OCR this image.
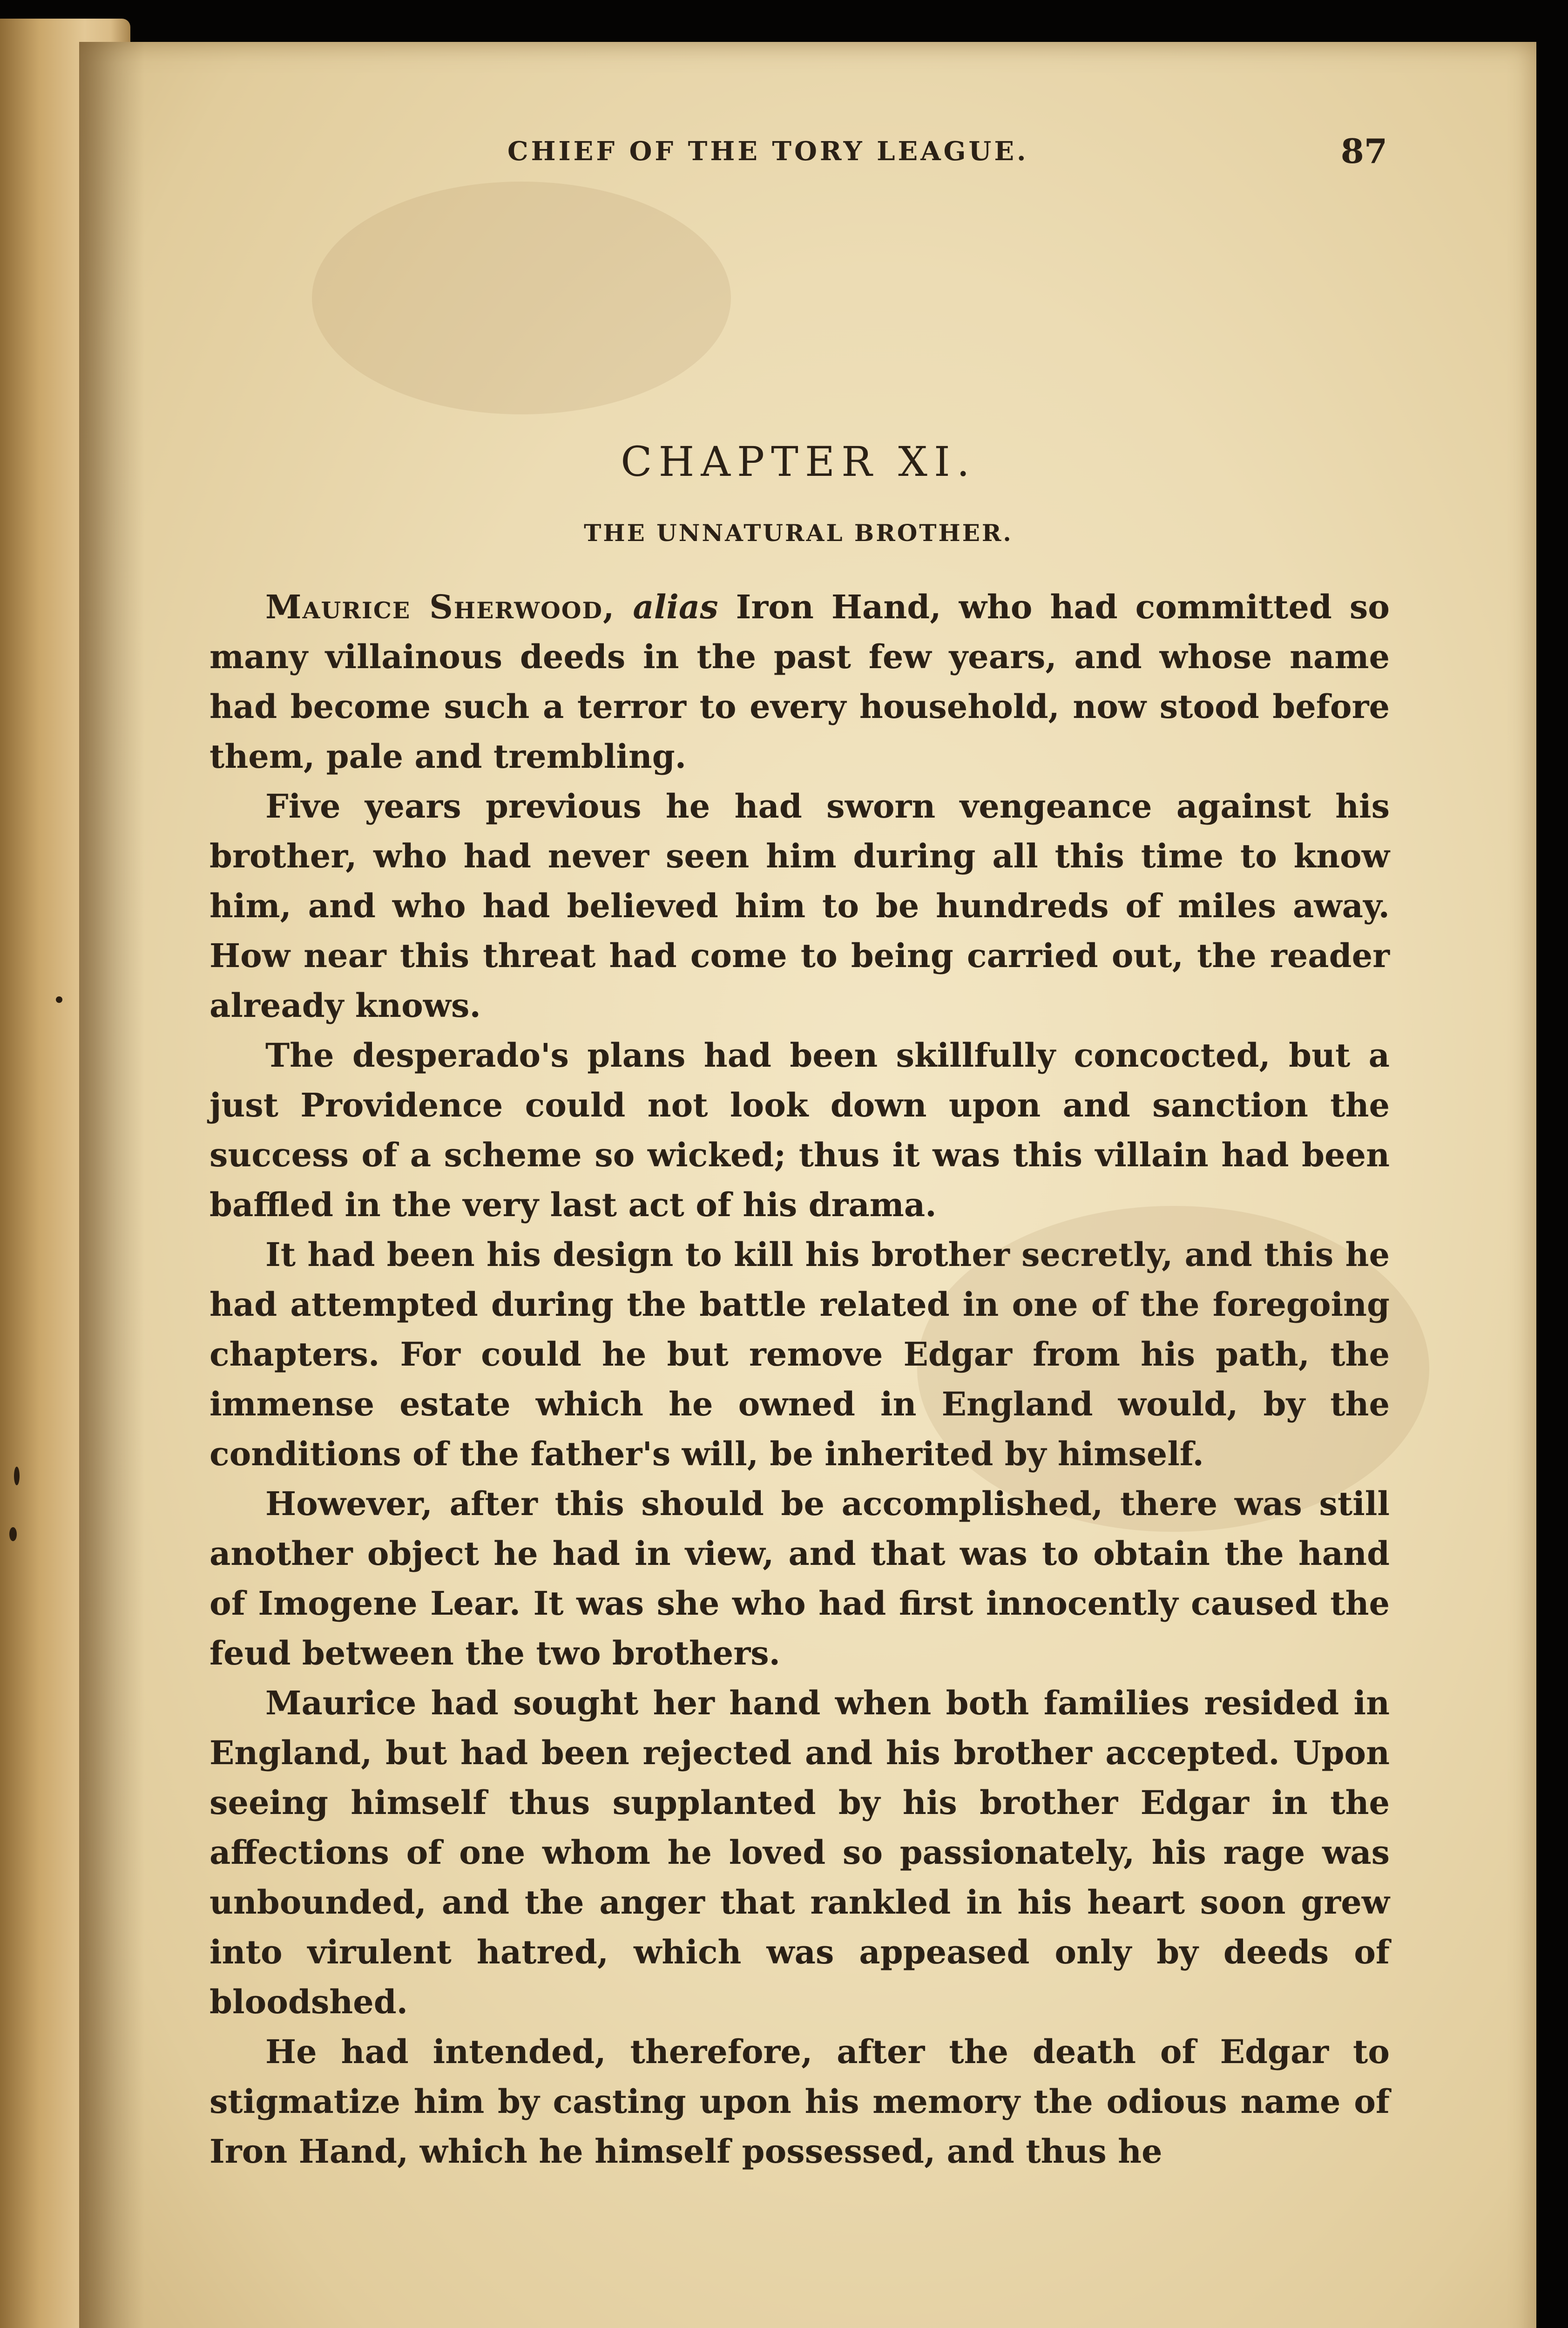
CHIEF OF THE TORY LEAGUE.	87
CHAPTER XI.
THE UNNATURAL BROTHER.

Maurice Sherwood, alias Iron Hand, who had committed so many villainous deeds in the past few years, and whose name had become such a terror to every household, now stood before them, pale and trembling.

Five years previous he had sworn vengeance against his brother, who had never seen him during all this time to know him, and who had believed him to be hundreds of miles away. How near this threat had come to being carried out, the reader already knows.

The desperado's plans had been skillfully concocted, but a just Providence could not look down upon and sanction the success of a scheme so wicked; thus it was this villain had been baffled in the very last act of his drama.

It had been his design to kill his brother secretly, and this he had attempted during the battle related in one of the foregoing chapters. For could he but remove Edgar from his path, the immense estate which he owned in England would, by the conditions of the father's will, be inherited by himself.

However, after this should be accomplished, there was still another object he had in view, and that was to obtain the hand of Imogene Lear. It was she who had first innocently caused the feud between the two brothers.

Maurice had sought her hand when both families resided in England, but had been rejected and his brother accepted. Upon seeing himself thus supplanted by his brother Edgar in the affections of one whom he loved so passionately, his rage was unbounded, and the anger that rankled in his heart soon grew into virulent hatred, which was appeased only by deeds of bloodshed.

He had intended, therefore, after the death of Edgar to stigmatize him by casting upon his memory the odious name of Iron Hand, which he himself possessed, and thus he
